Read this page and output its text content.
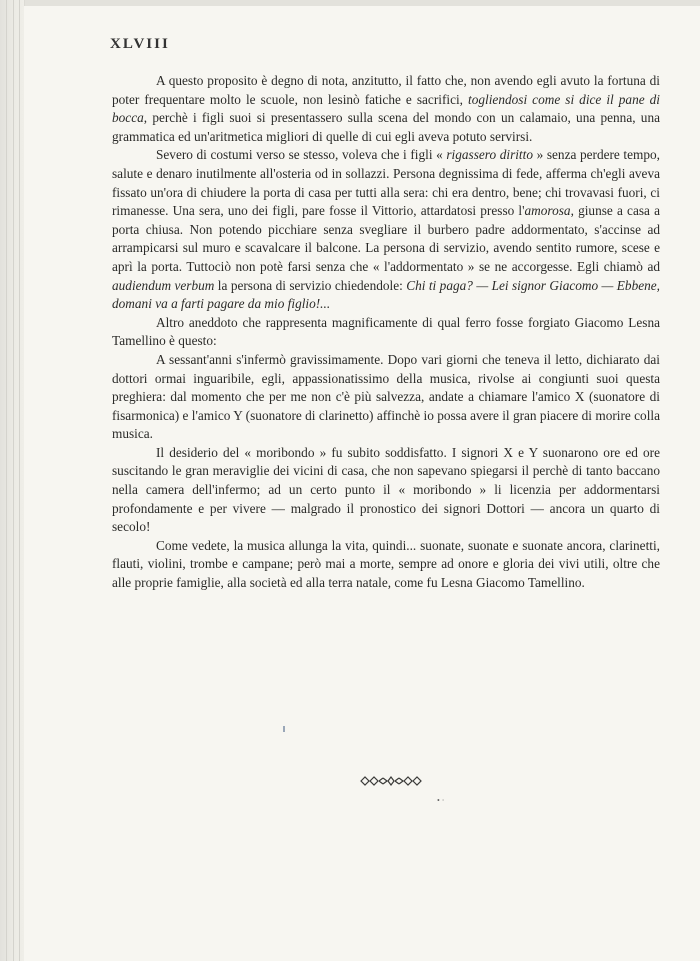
XLVIII

A questo proposito è degno di nota, anzitutto, il fatto che, non avendo egli avuto la fortuna di poter frequentare molto le scuole, non lesinò fatiche e sacrifici, togliendosi come si dice il pane di bocca, perchè i figli suoi si presentassero sulla scena del mondo con un calamaio, una penna, una grammatica ed un'aritmetica migliori di quelle di cui egli aveva potuto servirsi.

Severo di costumi verso se stesso, voleva che i figli « rigassero diritto » senza perdere tempo, salute e denaro inutilmente all'osteria od in sollazzi. Persona degnissima di fede, afferma ch'egli aveva fissato un'ora di chiudere la porta di casa per tutti alla sera: chi era dentro, bene; chi trovavasi fuori, ci rimanesse. Una sera, uno dei figli, pare fosse il Vittorio, attardatosi presso l'amorosa, giunse a casa a porta chiusa. Non potendo picchiare senza svegliare il burbero padre addormentato, s'accinse ad arrampicarsi sul muro e scavalcare il balcone. La persona di servizio, avendo sentito rumore, scese e aprì la porta. Tuttociò non potè farsi senza che « l'addormentato » se ne accorgesse. Egli chiamò ad audiendum verbum la persona di servizio chiedendole: Chi ti paga? — Lei signor Giacomo — Ebbene, domani va a farti pagare da mio figlio!...

Altro aneddoto che rappresenta magnificamente di qual ferro fosse forgiato Giacomo Lesna Tamellino è questo:

A sessant'anni s'infermò gravissimamente. Dopo vari giorni che teneva il letto, dichiarato dai dottori ormai inguaribile, egli, appassionatissimo della musica, rivolse ai congiunti suoi questa preghiera: dal momento che per me non c'è più salvezza, andate a chiamare l'amico X (suonatore di fisarmonica) e l'amico Y (suonatore di clarinetto) affinchè io possa avere il gran piacere di morire colla musica.

Il desiderio del « moribondo » fu subito soddisfatto. I signori X e Y suonarono ore ed ore suscitando le gran meraviglie dei vicini di casa, che non sapevano spiegarsi il perchè di tanto baccano nella camera dell'infermo; ad un certo punto il « moribondo » li licenzia per addormentarsi profondamente e per vivere — malgrado il pronostico dei signori Dottori — ancora un quarto di secolo!

Come vedete, la musica allunga la vita, quindi... suonate, suonate e suonate ancora, clarinetti, flauti, violini, trombe e campane; però mai a morte, sempre ad onore e gloria dei vivi utili, oltre che alle proprie famiglie, alla società ed alla terra natale, come fu Lesna Giacomo Tamellino.

• ·
